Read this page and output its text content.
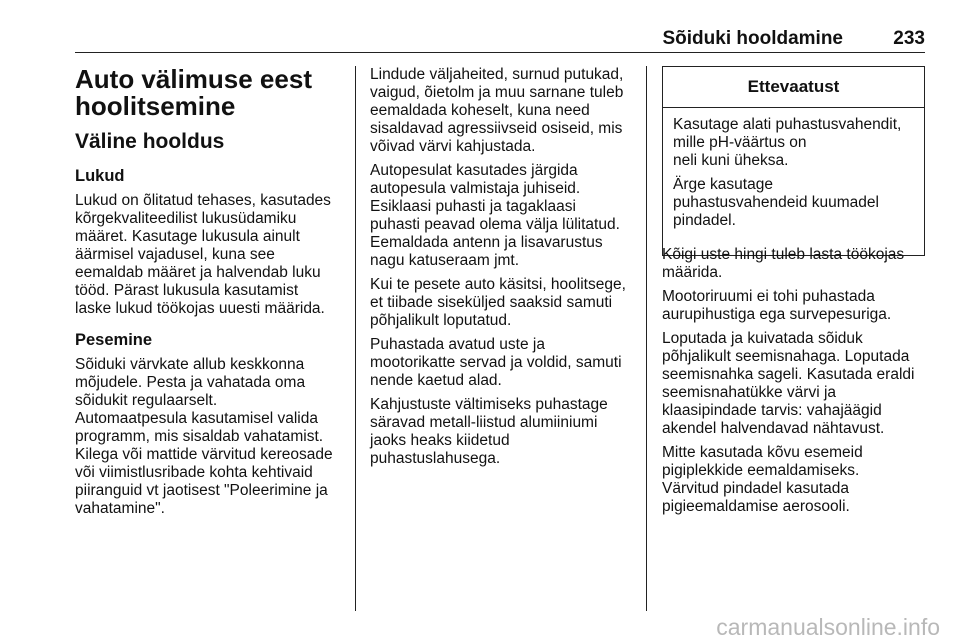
Sõiduki hooldamine	233
Auto välimuse eest
hoolitsemine
Väline hooldus
Lukud

Lukud on õlitatud tehases, kasutades
kõrgekvaliteedilist lukusüdamiku
määret. Kasutage lukusula ainult
äärmisel vajadusel, kuna see
eemaldab määret ja halvendab luku
tööd. Pärast lukusula kasutamist
laske lukud töökojas uuesti määrida.

Pesemine

Sõiduki värvkate allub keskkonna
mõjudele. Pesta ja vahatada oma
sõidukit regulaarselt.
Automaatpesula kasutamisel valida
programm, mis sisaldab vahatamist.
Kilega või mattide värvitud kereosade
või viimistlusribade kohta kehtivaid
piiranguid vt jaotisest "Poleerimine ja
vahatamine".

Lindude väljaheited, surnud putukad,
vaigud, õietolm ja muu sarnane tuleb
eemaldada koheselt, kuna need
sisaldavad agressiivseid osiseid, mis
võivad värvi kahjustada.

Autopesulat kasutades järgida
autopesula valmistaja juhiseid.
Esiklaasi puhasti ja tagaklaasi
puhasti peavad olema välja lülitatud.
Eemaldada antenn ja lisavarustus
nagu katuseraam jmt.

Kui te pesete auto käsitsi, hoolitsege,
et tiibade siseküljed saaksid samuti
põhjalikult loputatud.

Puhastada avatud uste ja
mootorikatte servad ja voldid, samuti
nende kaetud alad.

Kahjustuste vältimiseks puhastage
säravad metall-liistud alumiiniumi
jaoks heaks kiidetud
puhastuslahusega.

Ettevaatust

Kasutage alati puhastusvahendit,
mille pH-väärtus on
neli kuni üheksa.

Ärge kasutage
puhastusvahendeid kuumadel
pindadel.

Kõigi uste hingi tuleb lasta töökojas
määrida.

Mootoriruumi ei tohi puhastada
aurupihustiga ega survepesuriga.

Loputada ja kuivatada sõiduk
põhjalikult seemisnahaga. Loputada
seemisnahka sageli. Kasutada eraldi
seemisnahatükke värvi ja
klaasipindade tarvis: vahajäägid
akendel halvendavad nähtavust.

Mitte kasutada kõvu esemeid
pigiplekkide eemaldamiseks.
Värvitud pindadel kasutada
pigieemaldamise aerosooli.

carmanualsonline.info
